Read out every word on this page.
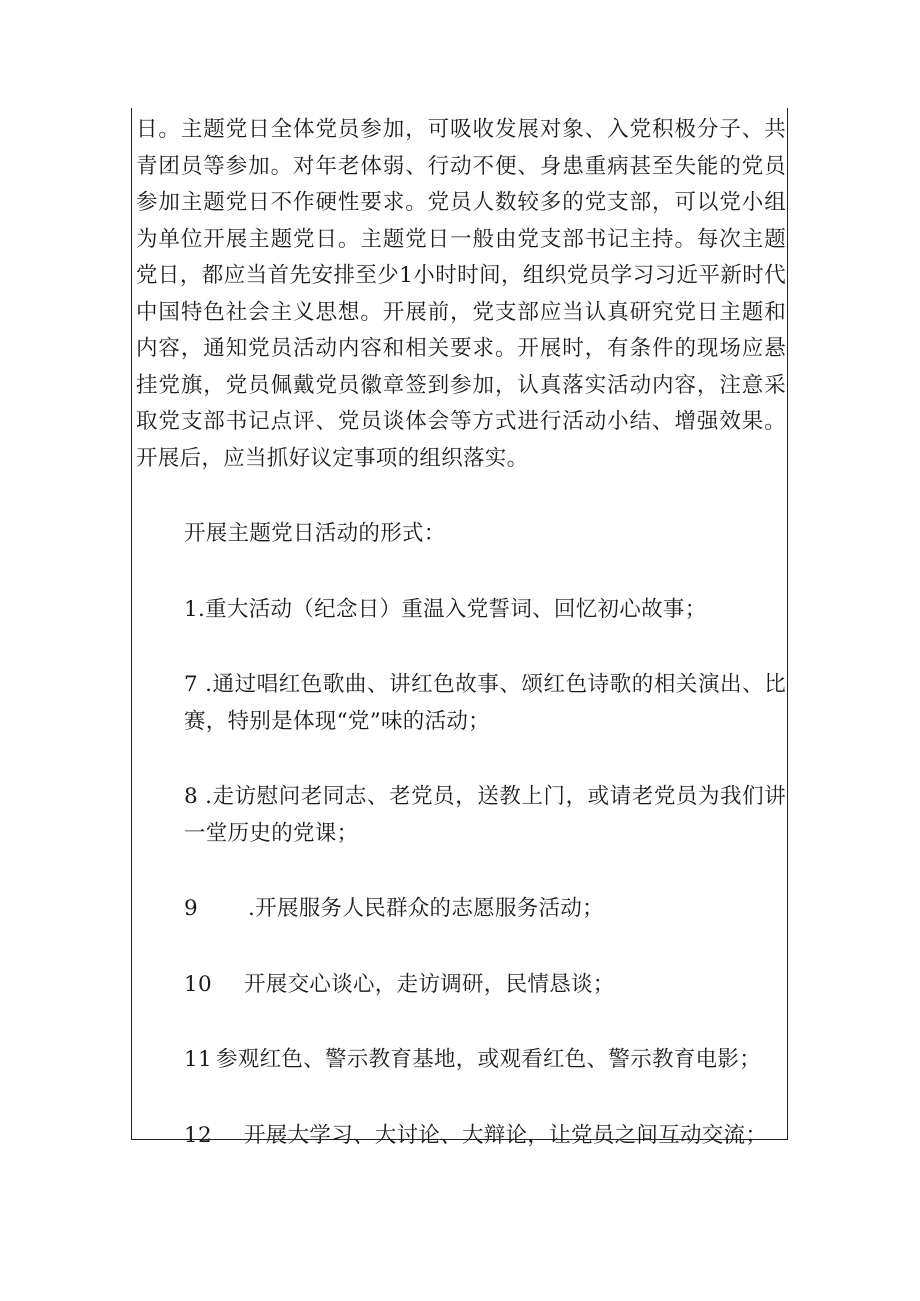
日。主题党日全体党员参加，可吸收发展对象、入党积极分子、共青团员等参加。对年老体弱、行动不便、身患重病甚至失能的党员参加主题党日不作硬性要求。党员人数较多的党支部，可以党小组为单位开展主题党日。主题党日一般由党支部书记主持。每次主题党日，都应当首先安排至少1小时时间，组织党员学习习近平新时代中国特色社会主义思想。开展前，党支部应当认真研究党日主题和内容，通知党员活动内容和相关要求。开展时，有条件的现场应悬挂党旗，党员佩戴党员徽章签到参加，认真落实活动内容，注意采取党支部书记点评、党员谈体会等方式进行活动小结、增强效果。开展后，应当抓好议定事项的组织落实。

开展主题党日活动的形式：

1.重大活动（纪念日）重温入党誓词、回忆初心故事；

7 .通过唱红色歌曲、讲红色故事、颂红色诗歌的相关演出、比赛，特别是体现“党”味的活动；

8 .走访慰问老同志、老党员，送教上门，或请老党员为我们讲一堂历史的党课；

9 .开展服务人民群众的志愿服务活动；

10 开展交心谈心，走访调研，民情恳谈；

11 参观红色、警示教育基地，或观看红色、警示教育电影；

12 开展大学习、大讨论、大辩论，让党员之间互动交流；
